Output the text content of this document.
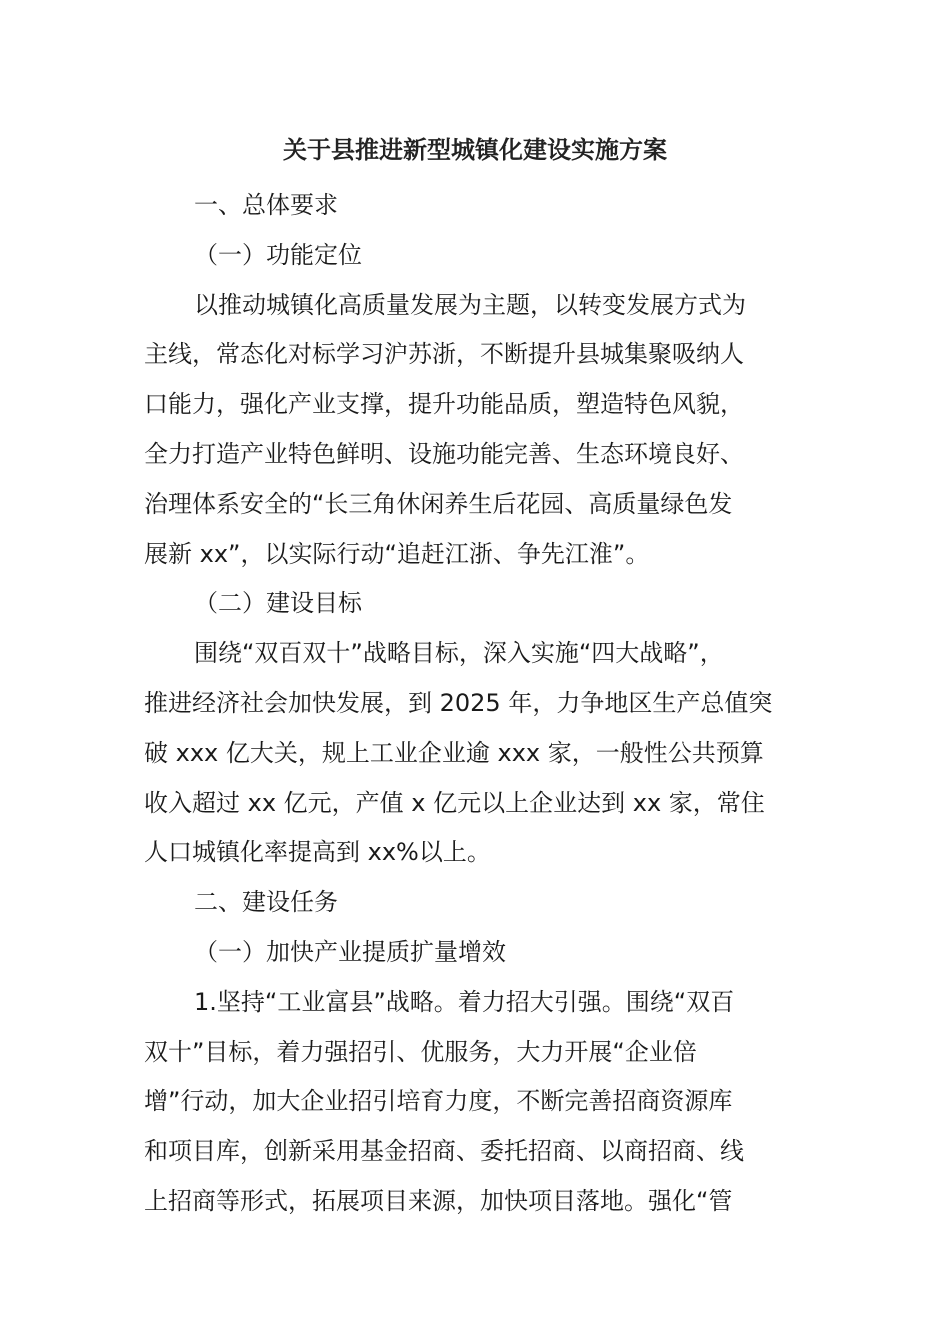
关于县推进新型城镇化建设实施方案
一、总体要求
（一）功能定位
以推动城镇化高质量发展为主题，以转变发展方式为
主线，常态化对标学习沪苏浙，不断提升县城集聚吸纳人
口能力，强化产业支撑，提升功能品质，塑造特色风貌，
全力打造产业特色鲜明、设施功能完善、生态环境良好、
治理体系安全的“长三角休闲养生后花园、高质量绿色发
展新 xx”，以实际行动“追赶江浙、争先江淮”。
（二）建设目标
围绕“双百双十”战略目标，深入实施“四大战略”，
推进经济社会加快发展，到 2025 年，力争地区生产总值突
破 xxx 亿大关，规上工业企业逾 xxx 家，一般性公共预算
收入超过 xx 亿元，产值 x 亿元以上企业达到 xx 家，常住
人口城镇化率提高到 xx%以上。
二、建设任务
（一）加快产业提质扩量增效
1.坚持“工业富县”战略。着力招大引强。围绕“双百
双十”目标，着力强招引、优服务，大力开展“企业倍
增”行动，加大企业招引培育力度，不断完善招商资源库
和项目库，创新采用基金招商、委托招商、以商招商、线
上招商等形式，拓展项目来源，加快项目落地。强化“管
